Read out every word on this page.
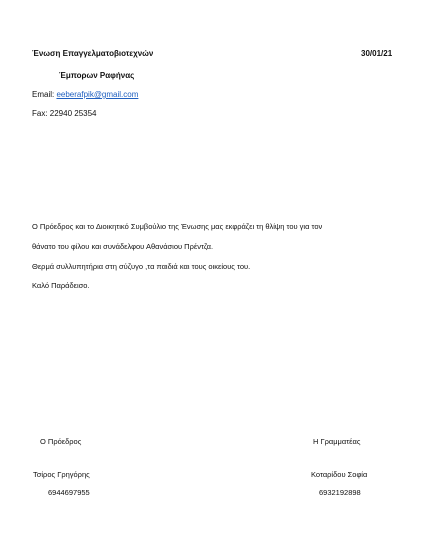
Ένωση Επαγγελματοβιοτεχνών	30/01/21
Έμπορων Ραφήνας
Email: eeberafpik@gmail.com
Fax: 22940 25354
Ο Πρόεδρος και το Διοικητικό Συμβούλιο της Ένωσης μας εκφράζει τη θλίψη του για τον
θάνατο του φίλου και συνάδελφου Αθανάσιου Πρέντζα.
Θερμά συλλυπητήρια στη σύζυγο ,τα παιδιά και τους οικείους του.
Καλό Παράδεισο.
Ο Πρόεδρος
Τσίρος Γρηγόρης
6944697955
Η Γραμματέας
Κοταρίδου Σοφία
6932192898
